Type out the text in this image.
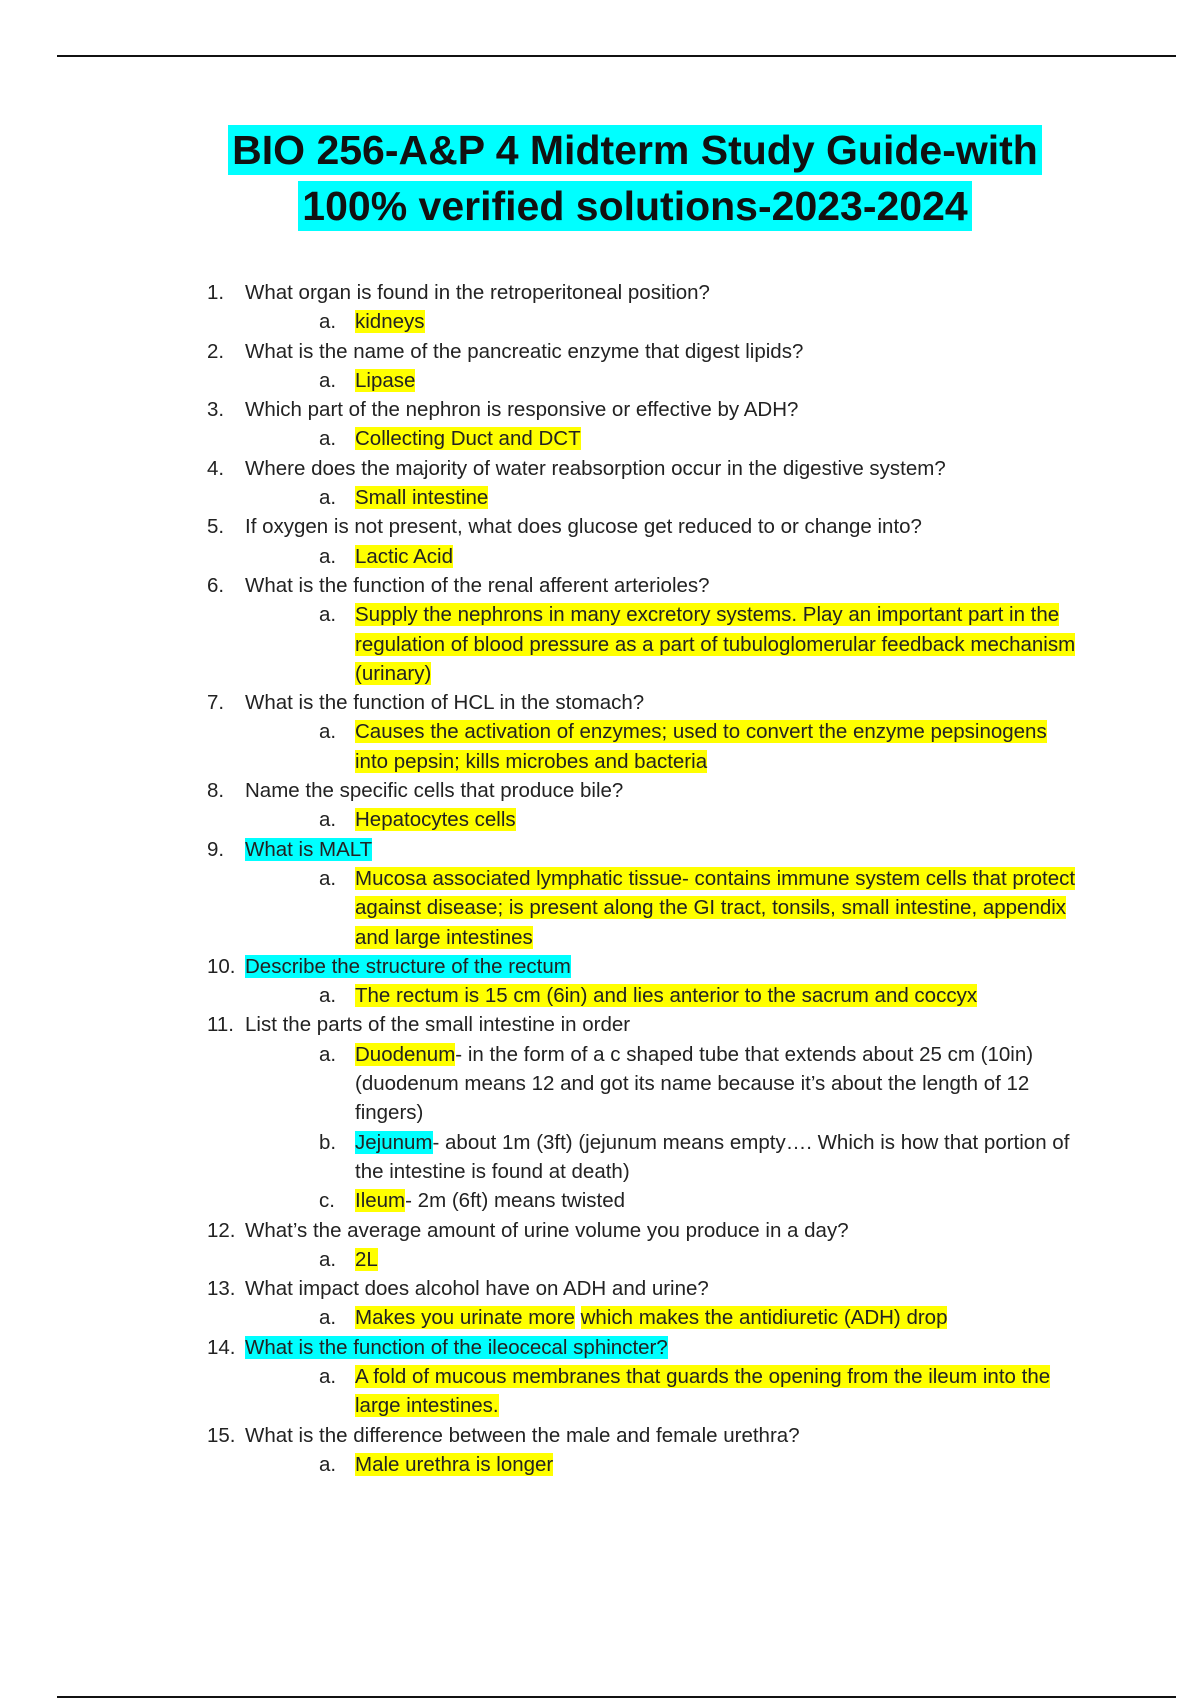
BIO 256-A&P 4 Midterm Study Guide-with
100% verified solutions-2023-2024
1. What organ is found in the retroperitoneal position?
a. kidneys
2. What is the name of the pancreatic enzyme that digest lipids?
a. Lipase
3. Which part of the nephron is responsive or effective by ADH?
a. Collecting Duct and DCT
4. Where does the majority of water reabsorption occur in the digestive system?
a. Small intestine
5. If oxygen is not present, what does glucose get reduced to or change into?
a. Lactic Acid
6. What is the function of the renal afferent arterioles?
a. Supply the nephrons in many excretory systems. Play an important part in the regulation of blood pressure as a part of tubuloglomerular feedback mechanism (urinary)
7. What is the function of HCL in the stomach?
a. Causes the activation of enzymes; used to convert the enzyme pepsinogens into pepsin; kills microbes and bacteria
8. Name the specific cells that produce bile?
a. Hepatocytes cells
9. What is MALT
a. Mucosa associated lymphatic tissue- contains immune system cells that protect against disease; is present along the GI tract, tonsils, small intestine, appendix and large intestines
10. Describe the structure of the rectum
a. The rectum is 15 cm (6in) and lies anterior to the sacrum and coccyx
11. List the parts of the small intestine in order
a. Duodenum- in the form of a c shaped tube that extends about 25 cm (10in) (duodenum means 12 and got its name because it’s about the length of 12 fingers)
b. Jejunum- about 1m (3ft) (jejunum means empty…. Which is how that portion of the intestine is found at death)
c. Ileum- 2m (6ft) means twisted
12. What’s the average amount of urine volume you produce in a day?
a. 2L
13. What impact does alcohol have on ADH and urine?
a. Makes you urinate more which makes the antidiuretic (ADH) drop
14. What is the function of the ileocecal sphincter?
a. A fold of mucous membranes that guards the opening from the ileum into the large intestines.
15. What is the difference between the male and female urethra?
a. Male urethra is longer
